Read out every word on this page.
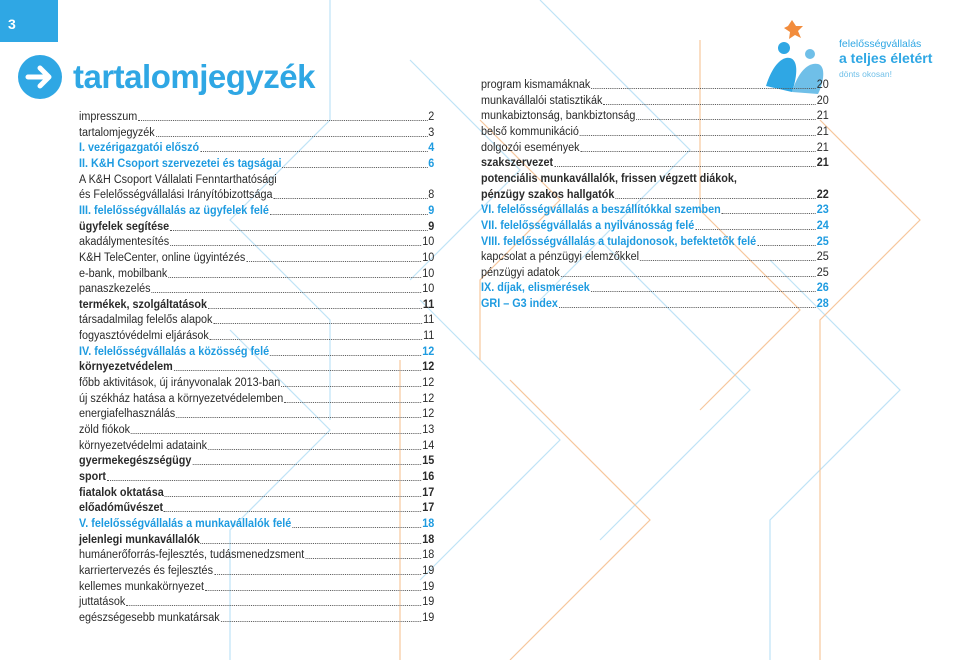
3
tartalomjegyzék
felelősségvállalás
a teljes életért
dönts okosan!
impresszum	2
tartalomjegyzék	3
I. vezérigazgatói előszó	4
II. K&H Csoport szervezetei és tagságai	6
A K&H Csoport Vállalati Fenntarthatósági
és Felelősségvállalási Irányítóbizottsága	8
III. felelősségvállalás az ügyfelek felé	9
ügyfelek segítése	9
akadálymentesítés	10
K&H TeleCenter, online ügyintézés	10
e-bank, mobilbank	10
panaszkezelés	10
termékek, szolgáltatások	11
társadalmilag felelős alapok	11
fogyasztóvédelmi eljárások	11
IV. felelősségvállalás a közösség felé	12
környezetvédelem	12
főbb aktivitások, új irányvonalak 2013-ban	12
új székház hatása a környezetvédelemben	12
energiafelhasználás	12
zöld fiókok	13
környezetvédelmi adataink	14
gyermekegészségügy	15
sport	16
fiatalok oktatása	17
előadóművészet	17
V. felelősségvállalás a munkavállalók felé	18
jelenlegi munkavállalók	18
humánerőforrás-fejlesztés, tudásmenedzsment	18
karriertervezés és fejlesztés	19
kellemes munkakörnyezet	19
juttatások	19
egészségesebb munkatársak	19
program kismamáknak	20
munkavállalói statisztikák	20
munkabiztonság, bankbiztonság	21
belső kommunikáció	21
dolgozói események	21
szakszervezet	21
potenciális munkavállalók, frissen végzett diákok,
pénzügy szakos hallgatók	22
VI. felelősségvállalás a beszállítókkal szemben	23
VII. felelősségvállalás a nyilvánosság felé	24
VIII. felelősségvállalás a tulajdonosok, befektetők felé	25
kapcsolat a pénzügyi elemzőkkel	25
pénzügyi adatok	25
IX. díjak, elismerések	26
GRI – G3 index	28
